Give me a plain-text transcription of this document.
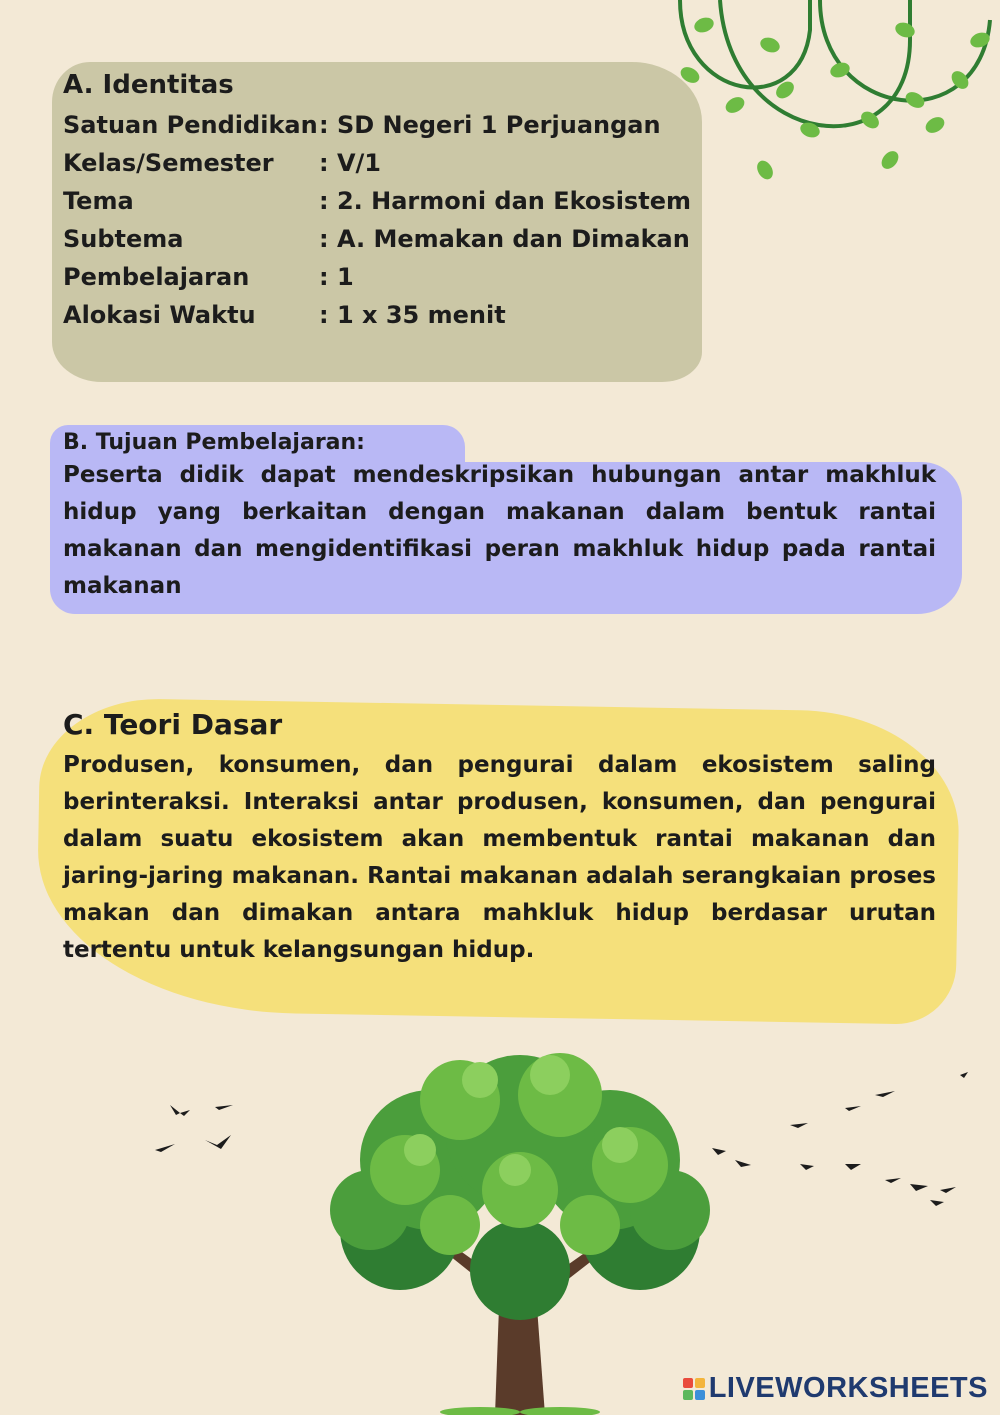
A. Identitas
Satuan Pendidikan : SD Negeri 1 Perjuangan
Kelas/Semester	: V/1
Tema	: 2. Harmoni dan Ekosistem
Subtema	: A. Memakan dan Dimakan
Pembelajaran	: 1
Alokasi Waktu	: 1 x 35 menit
B. Tujuan Pembelajaran:

Peserta didik dapat mendeskripsikan hubungan antar makhluk hidup yang berkaitan dengan makanan dalam bentuk rantai makanan dan mengidentifikasi peran makhluk hidup pada rantai makanan

C. Teori Dasar

Produsen, konsumen, dan pengurai dalam ekosistem saling berinteraksi. Interaksi antar produsen, konsumen, dan pengurai dalam suatu ekosistem akan membentuk rantai makanan dan jaring-jaring makanan. Rantai makanan adalah serangkaian proses makan dan dimakan antara mahkluk hidup berdasar urutan tertentu untuk kelangsungan hidup.

LIVEWORKSHEETS
